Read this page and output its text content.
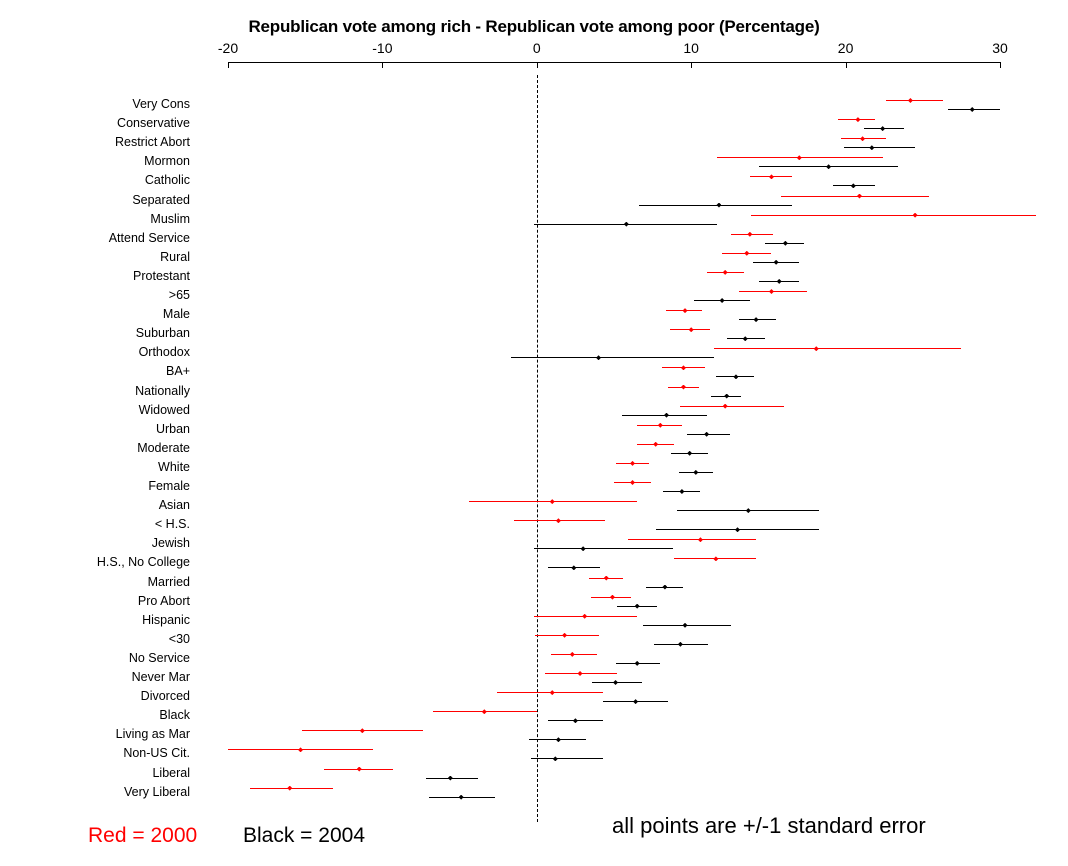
Republican vote among rich - Republican vote among poor (Percentage)
-20	-10	0	10	20	30
Very Cons
Conservative
Restrict Abort
Mormon
Catholic
Separated
Muslim
Attend Service
Rural
Protestant
>65
Male
Suburban
Orthodox
BA+
Nationally
Widowed
Urban
Moderate
White
Female
Asian
< H.S.
Jewish
H.S., No College
Married
Pro Abort
Hispanic
<30
No Service
Never Mar
Divorced
Black
Living as Mar
Non-US Cit.
Liberal
Very Liberal
Red = 2000 Black = 2004	all points are +/-1 standard error
